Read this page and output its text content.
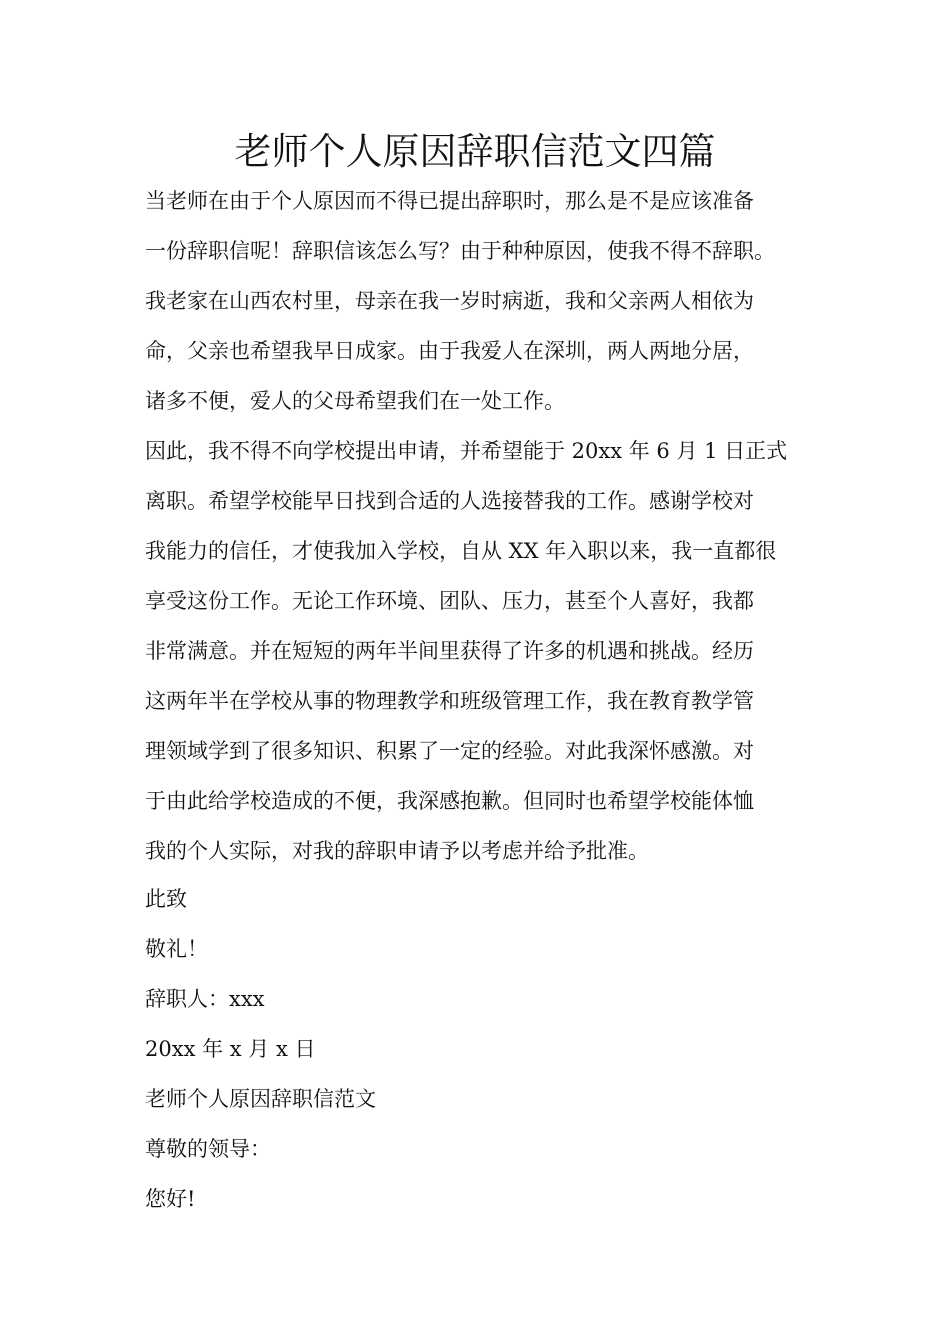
老师个人原因辞职信范文四篇
当老师在由于个人原因而不得已提出辞职时，那么是不是应该准备
一份辞职信呢！辞职信该怎么写？由于种种原因，使我不得不辞职。
我老家在山西农村里，母亲在我一岁时病逝，我和父亲两人相依为
命，父亲也希望我早日成家。由于我爱人在深圳，两人两地分居，
诸多不便，爱人的父母希望我们在一处工作。
因此，我不得不向学校提出申请，并希望能于 20xx 年 6 月 1 日正式
离职。希望学校能早日找到合适的人选接替我的工作。感谢学校对
我能力的信任，才使我加入学校，自从 XX 年入职以来，我一直都很
享受这份工作。无论工作环境、团队、压力，甚至个人喜好，我都
非常满意。并在短短的两年半间里获得了许多的机遇和挑战。经历
这两年半在学校从事的物理教学和班级管理工作，我在教育教学管
理领域学到了很多知识、积累了一定的经验。对此我深怀感激。对
于由此给学校造成的不便，我深感抱歉。但同时也希望学校能体恤
我的个人实际，对我的辞职申请予以考虑并给予批准。
此致
敬礼！
辞职人：xxx
20xx 年 x 月 x 日
老师个人原因辞职信范文
尊敬的领导：
您好!
